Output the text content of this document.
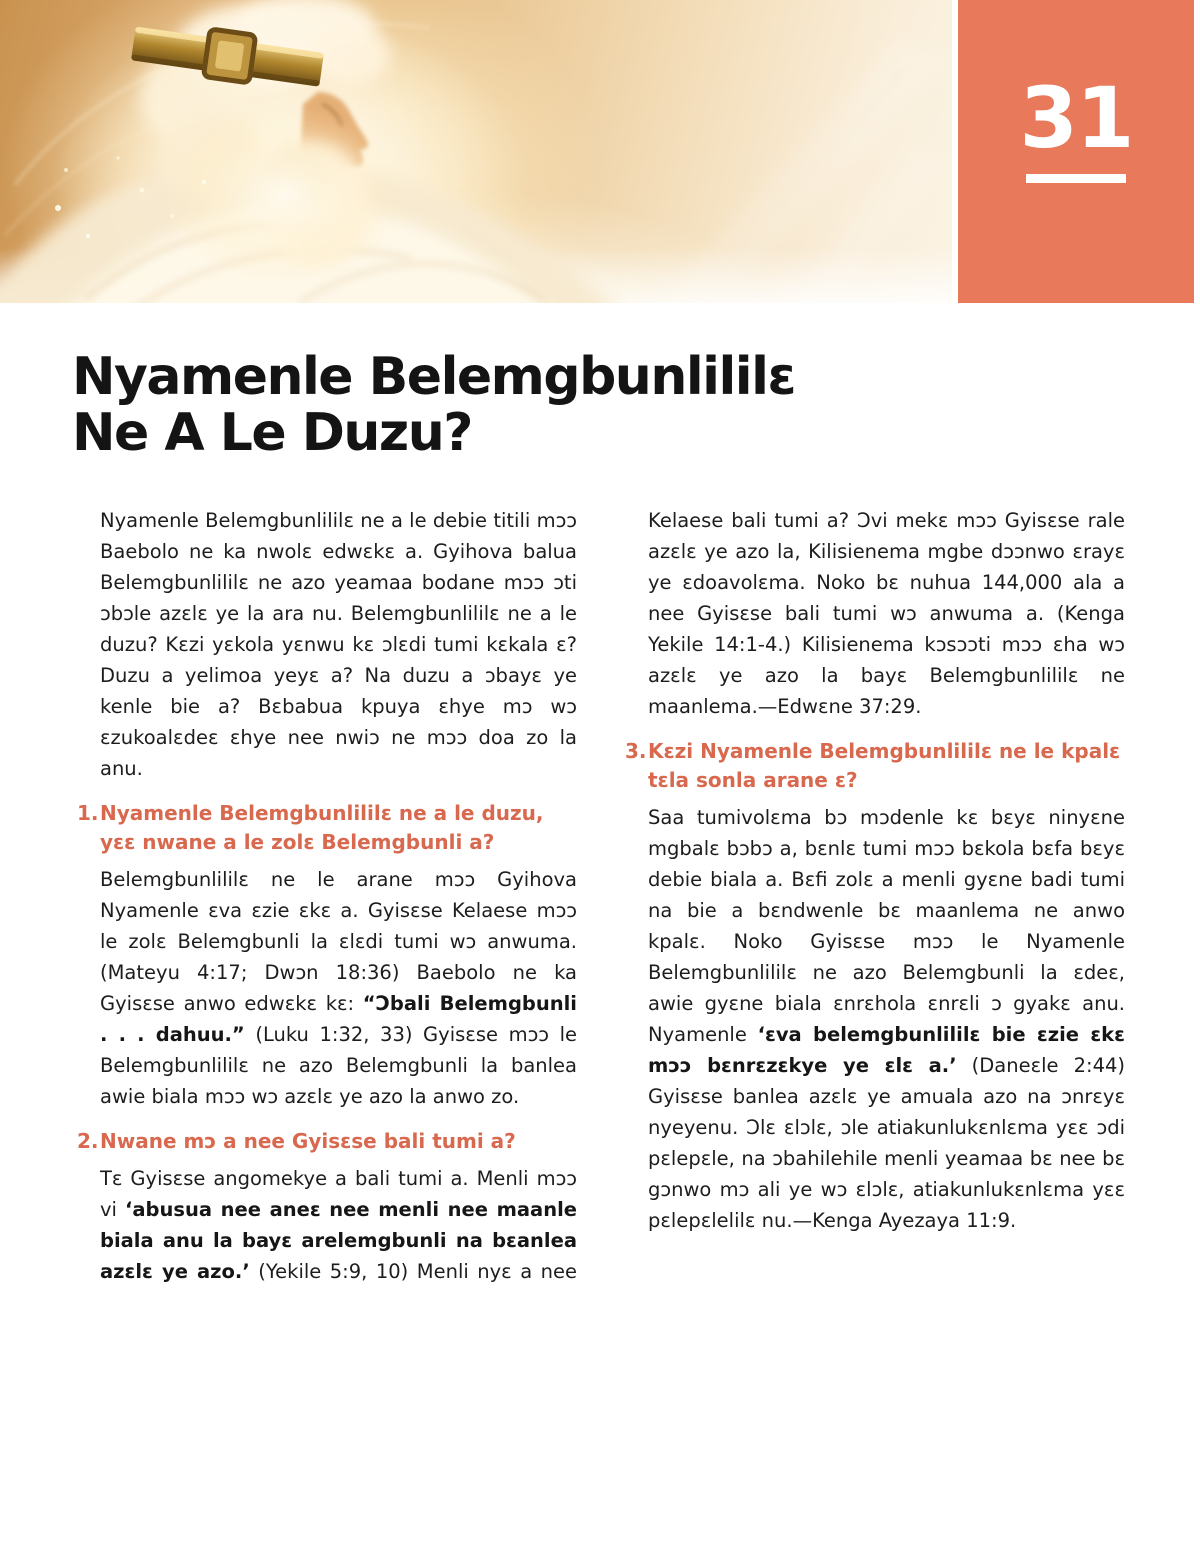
31
Nyamenle Belemgbunlililɛ
Ne A Le Duzu?

Nyamenle Belemgbunlililɛ ne a le debie titili mɔɔ Baebolo ne ka nwolɛ edwɛkɛ a. Gyihova balua Belemgbunlililɛ ne azo yeamaa bodane mɔɔ ɔti ɔbɔle azɛlɛ ye la ara nu. Belemgbunlililɛ ne a le duzu? Kɛzi yɛkola yɛnwu kɛ ɔlɛdi tumi kɛkala ɛ? Duzu a yelimoa yeyɛ a? Na duzu a ɔbayɛ ye kenle bie a? Bɛbabua kpuya ɛhye mɔ wɔ ɛzukoalɛdeɛ ɛhye nee nwiɔ ne mɔɔ doa zo la anu.

1. Nyamenle Belemgbunlililɛ ne a le duzu, yɛɛ nwane a le zolɛ Belemgbunli a?

Belemgbunlililɛ ne le arane mɔɔ Gyihova Nyamenle ɛva ɛzie ɛkɛ a. Gyisɛse Kelaese mɔɔ le zolɛ Belemgbunli la ɛlɛdi tumi wɔ anwuma. (Mateyu 4:17; Dwɔn 18:36) Baebolo ne ka Gyisɛse anwo edwɛkɛ kɛ: “Ɔbali Belemgbunli . . . dahuu.” (Luku 1:32, 33) Gyisɛse mɔɔ le Belemgbunlililɛ ne azo Belemgbunli la banlea awie biala mɔɔ wɔ azɛlɛ ye azo la anwo zo.

2. Nwane mɔ a nee Gyisɛse bali tumi a?

Tɛ Gyisɛse angomekye a bali tumi a. Menli mɔɔ vi ‘abusua nee aneɛ nee menli nee maanle biala anu la bayɛ arelemgbunli na bɛanlea azɛlɛ ye azo.’ (Yekile 5:9, 10) Menli nyɛ a nee Kelaese bali tumi a? Ɔvi mekɛ mɔɔ Gyisɛse rale azɛlɛ ye azo la, Kilisienema mgbe dɔɔnwo ɛrayɛ ye ɛdoavolɛma. Noko bɛ nuhua 144,000 ala a nee Gyisɛse bali tumi wɔ anwuma a. (Kenga Yekile 14:1-4.) Kilisienema kɔsɔɔti mɔɔ ɛha wɔ azɛlɛ ye azo la bayɛ Belemgbunlililɛ ne maanlema.—Edwɛne 37:29.

3. Kɛzi Nyamenle Belemgbunlililɛ ne le kpalɛ tɛla sonla arane ɛ?

Saa tumivolɛma bɔ mɔdenle kɛ bɛyɛ ninyɛne mgbalɛ bɔbɔ a, bɛnlɛ tumi mɔɔ bɛkola bɛfa bɛyɛ debie biala a. Bɛfi zolɛ a menli gyɛne badi tumi na bie a bɛndwenle bɛ maanlema ne anwo kpalɛ. Noko Gyisɛse mɔɔ le Nyamenle Belemgbunlililɛ ne azo Belemgbunli la ɛdeɛ, awie gyɛne biala ɛnrɛhola ɛnrɛli ɔ gyakɛ anu. Nyamenle ‘ɛva belemgbunlililɛ bie ɛzie ɛkɛ mɔɔ bɛnrɛzɛkye ye ɛlɛ a.’ (Daneɛle 2:44) Gyisɛse banlea azɛlɛ ye amuala azo na ɔnrɛyɛ nyeyenu. Ɔlɛ ɛlɔlɛ, ɔle atiakunlukɛnlɛma yɛɛ ɔdi pɛlepɛle, na ɔbahilehile menli yeamaa bɛ nee bɛ gɔnwo mɔ ali ye wɔ ɛlɔlɛ, atiakunlukɛnlɛma yɛɛ pɛlepɛlelilɛ nu.—Kenga Ayezaya 11:9.
